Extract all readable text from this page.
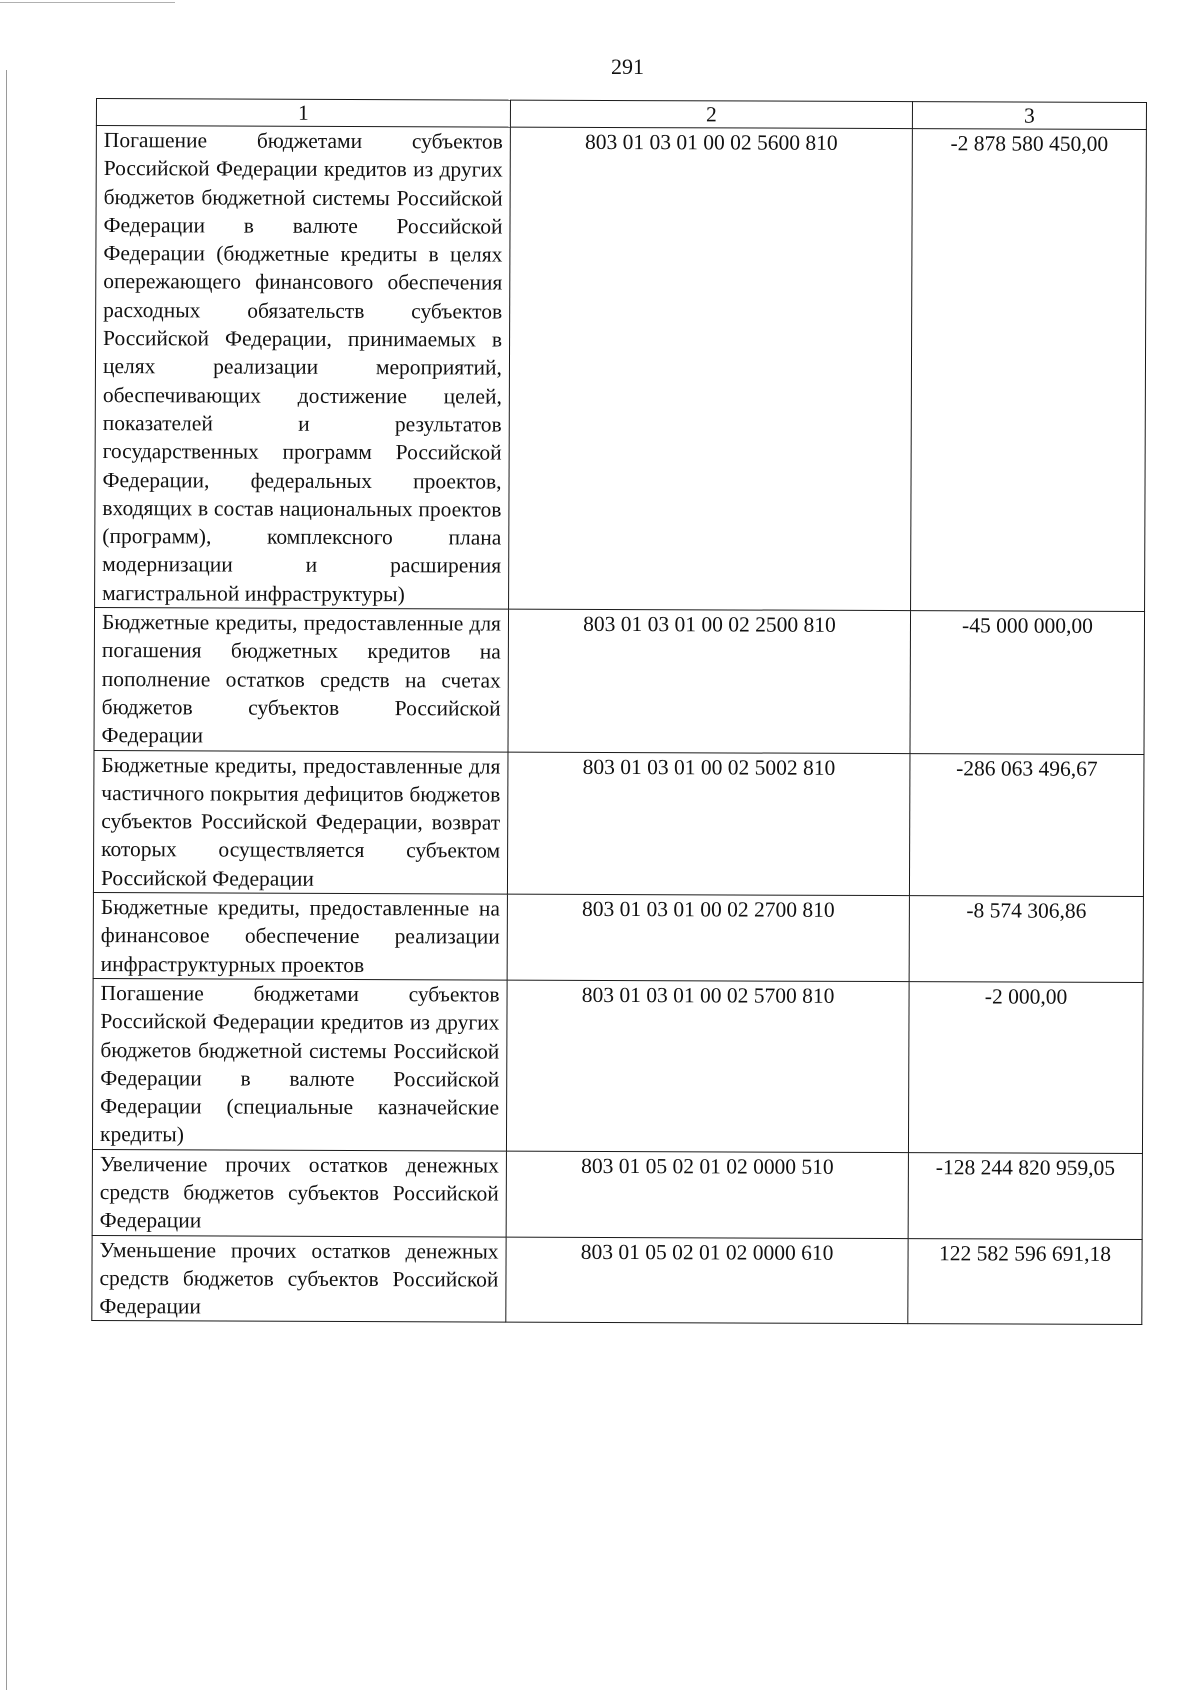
291
1	2	3
Погашение бюджетами субъектов Российской Федерации кредитов из других бюджетов бюджетной системы Российской Федерации в валюте Российской Федерации (бюджетные кредиты в целях опережающего финансового обеспечения расходных обязательств субъектов Российской Федерации, принимаемых в целях реализации мероприятий, обеспечивающих достижение целей, показателей и результатов государственных программ Российской Федерации, федеральных проектов, входящих в состав национальных проектов (программ), комплексного плана модернизации и расширения магистральной инфраструктуры)	803 01 03 01 00 02 5600 810	-2 878 580 450,00
Бюджетные кредиты, предоставленные для погашения бюджетных кредитов на пополнение остатков средств на счетах бюджетов субъектов Российской Федерации	803 01 03 01 00 02 2500 810	-45 000 000,00
Бюджетные кредиты, предоставленные для частичного покрытия дефицитов бюджетов субъектов Российской Федерации, возврат которых осуществляется субъектом Российской Федерации	803 01 03 01 00 02 5002 810	-286 063 496,67
Бюджетные кредиты, предоставленные на финансовое обеспечение реализации инфраструктурных проектов	803 01 03 01 00 02 2700 810	-8 574 306,86
Погашение бюджетами субъектов Российской Федерации кредитов из других бюджетов бюджетной системы Российской Федерации в валюте Российской Федерации (специальные казначейские кредиты)	803 01 03 01 00 02 5700 810	-2 000,00
Увеличение прочих остатков денежных средств бюджетов субъектов Российской Федерации	803 01 05 02 01 02 0000 510	-128 244 820 959,05
Уменьшение прочих остатков денежных средств бюджетов субъектов Российской Федерации	803 01 05 02 01 02 0000 610	122 582 596 691,18
